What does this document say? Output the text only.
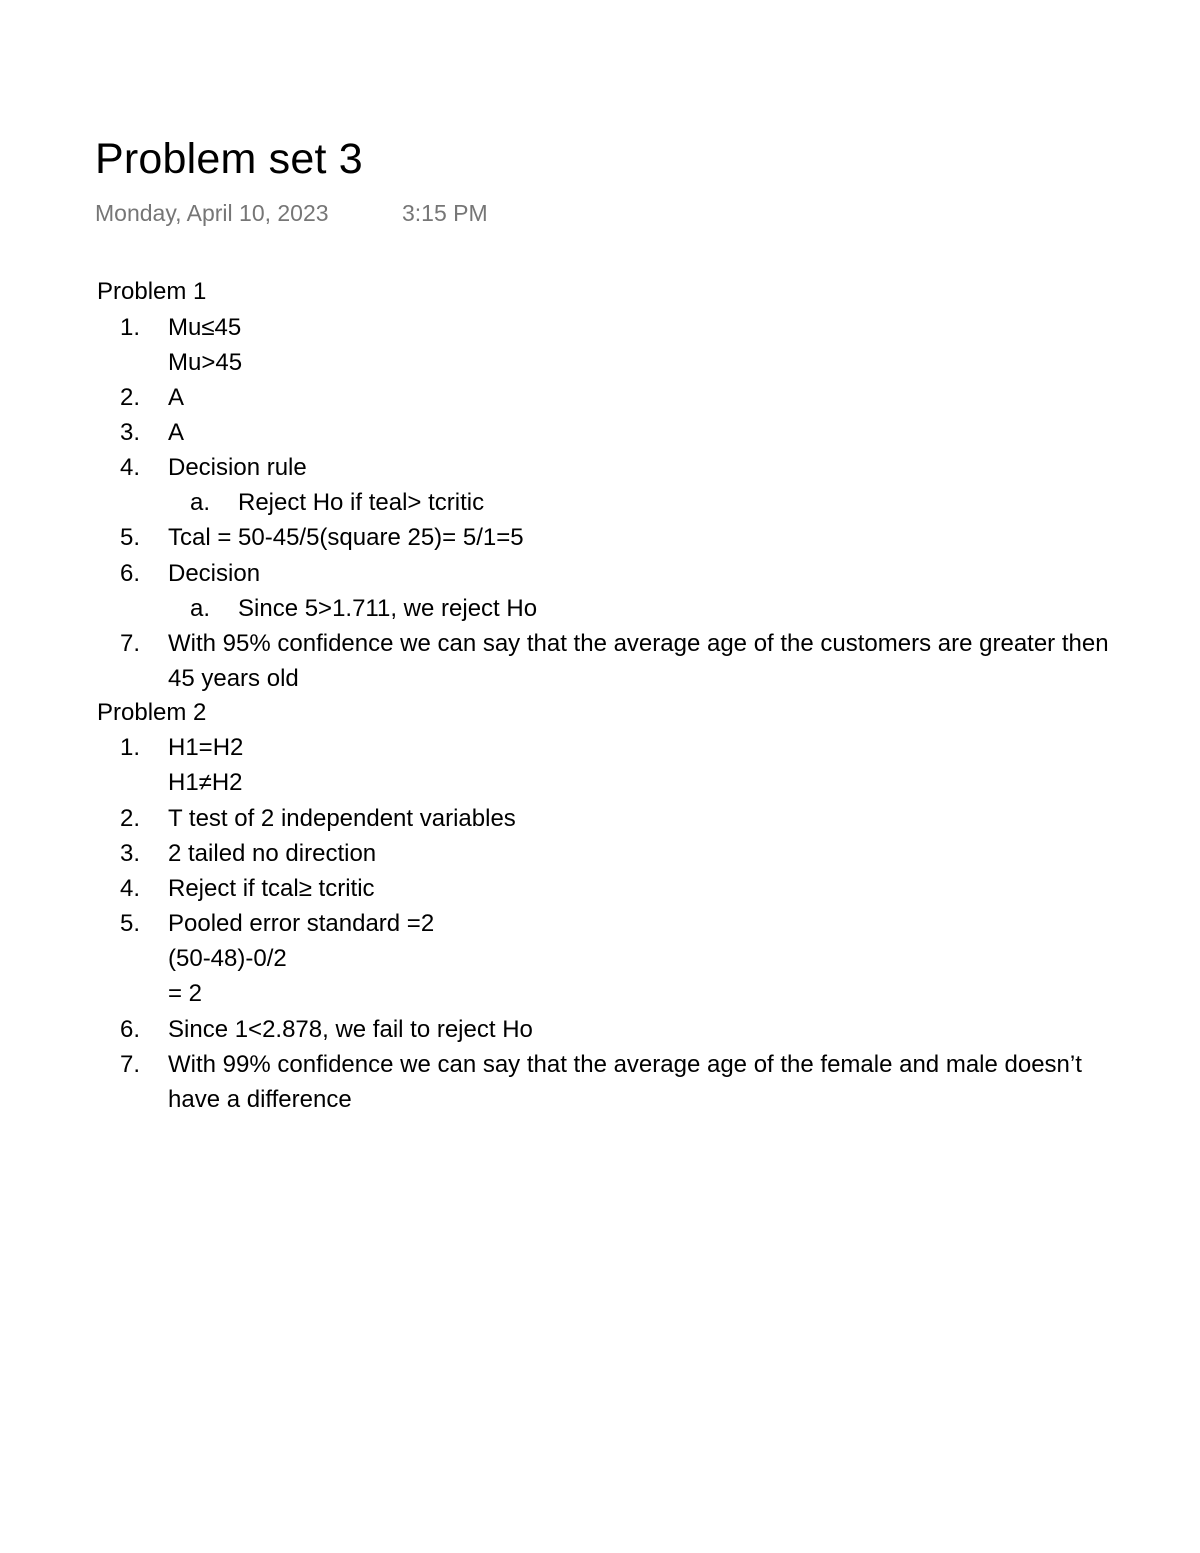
Problem set 3
Monday, April 10, 2023	3:15 PM
Problem 1
1. Mu≤45
Mu>45
2. A
3. A
4. Decision rule
a. Reject Ho if teal> tcritic
5. Tcal = 50-45/5(square 25)= 5/1=5
6. Decision
a. Since 5>1.711, we reject Ho
7. With 95% confidence we can say that the average age of the customers are greater then
45 years old
Problem 2
1. H1=H2
H1≠H2
2. T test of 2 independent variables
3. 2 tailed no direction
4. Reject if tcal≥ tcritic
5. Pooled error standard =2
(50-48)-0/2
= 2
6. Since 1<2.878, we fail to reject Ho
7. With 99% confidence we can say that the average age of the female and male doesn’t
have a difference
